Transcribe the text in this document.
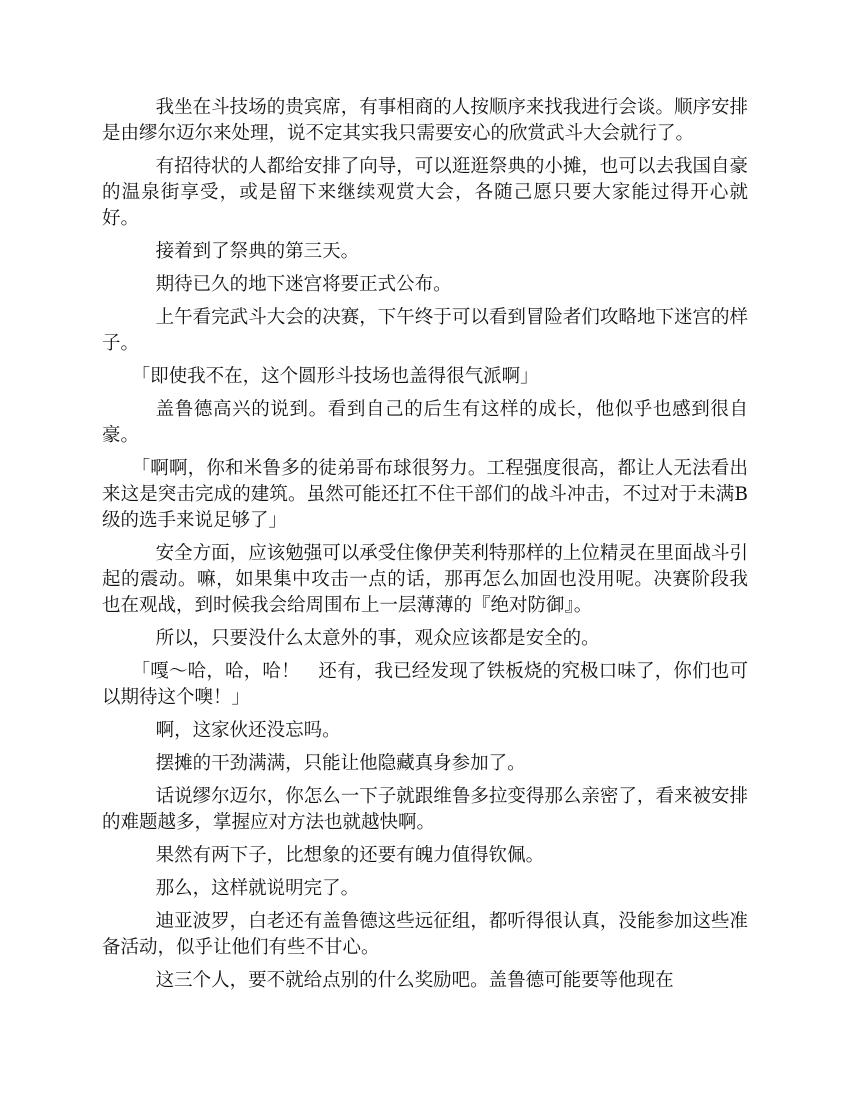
我坐在斗技场的贵宾席，有事相商的人按顺序来找我进行会谈。顺序安排是由缪尔迈尔来处理，说不定其实我只需要安心的欣赏武斗大会就行了。

有招待状的人都给安排了向导，可以逛逛祭典的小摊，也可以去我国自豪的温泉街享受，或是留下来继续观赏大会，各随己愿只要大家能过得开心就好。

接着到了祭典的第三天。

期待已久的地下迷宫将要正式公布。

上午看完武斗大会的决赛，下午终于可以看到冒险者们攻略地下迷宫的样子。

「即使我不在，这个圆形斗技场也盖得很气派啊」

盖鲁德高兴的说到。看到自己的后生有这样的成长，他似乎也感到很自豪。

「啊啊，你和米鲁多的徒弟哥布球很努力。工程强度很高，都让人无法看出来这是突击完成的建筑。虽然可能还扛不住干部们的战斗冲击，不过对于未满B级的选手来说足够了」

安全方面，应该勉强可以承受住像伊芙利特那样的上位精灵在里面战斗引起的震动。嘛，如果集中攻击一点的话，那再怎么加固也没用呢。决赛阶段我也在观战，到时候我会给周围布上一层薄薄的『绝对防御』。

所以，只要没什么太意外的事，观众应该都是安全的。

「嘎～哈，哈，哈！　还有，我已经发现了铁板烧的究极口味了，你们也可以期待这个噢！」

啊，这家伙还没忘吗。

摆摊的干劲满满，只能让他隐藏真身参加了。

话说缪尔迈尔，你怎么一下子就跟维鲁多拉变得那么亲密了，看来被安排的难题越多，掌握应对方法也就越快啊。

果然有两下子，比想象的还要有魄力值得钦佩。

那么，这样就说明完了。

迪亚波罗，白老还有盖鲁德这些远征组，都听得很认真，没能参加这些准备活动，似乎让他们有些不甘心。

这三个人，要不就给点别的什么奖励吧。盖鲁德可能要等他现在
